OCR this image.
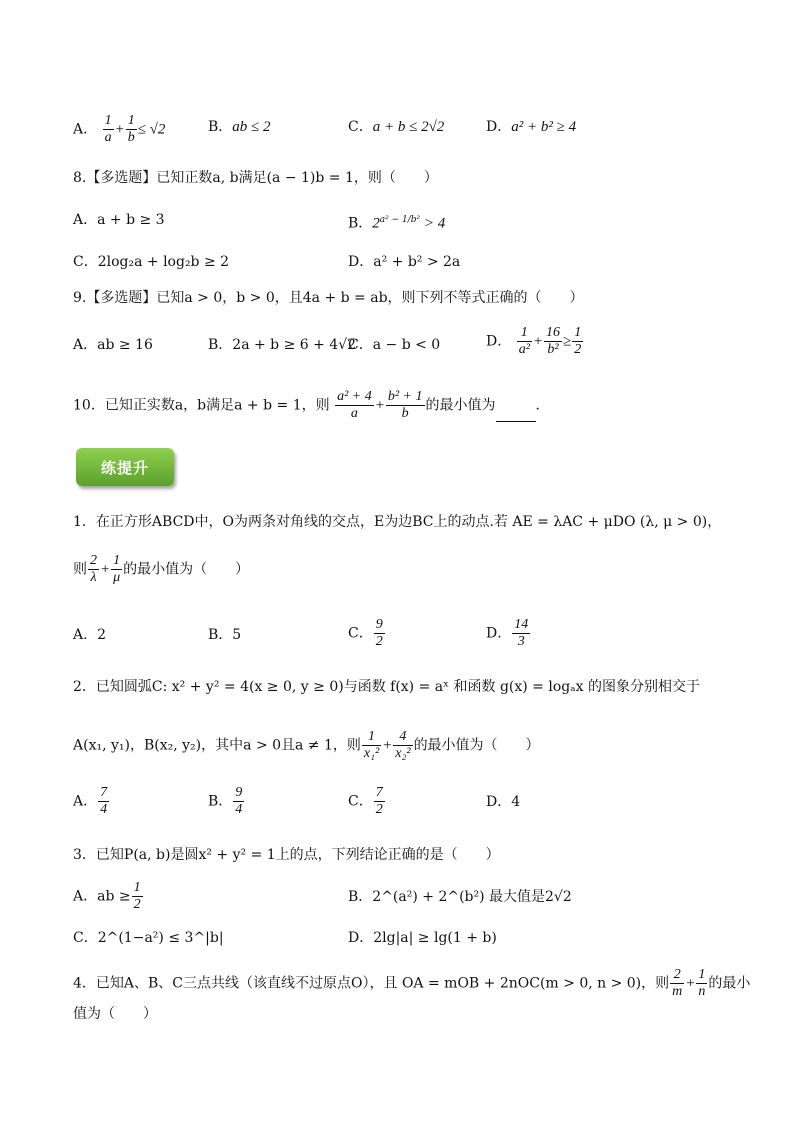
A． $\frac{1}{a} + \frac{1}{b} \le √2$	B．ab ≤ 2	C．a + b ≤ 2√2	D．a² + b² ≥ 4
8.【多选题】已知正数a, b满足(a − 1)b = 1，则（　　）
A．a + b ≥ 3	B．$2^{a^2 - 1/b^2} > 4$
C．2log₂a + log₂b ≥ 2	D．a² + b² > 2a
9.【多选题】已知a > 0，b > 0，且4a + b = ab，则下列不等式正确的（　　）
A．ab ≥ 16	B．2a + b ≥ 6 + 4√2
C．a − b < 0	D． $\frac{1}{\text{a²}} + \frac{16}{\text{b²}} \ge \frac{1}{2}$
10．已知正实数a，b满足a + b = 1，则 $\frac{\text{a² + 4}}{a} + \frac{\text{b² + 1}}{b}$ 的最小值为	．
练提升
1．在正方形ABCD中，O为两条对角线的交点，E为边BC上的动点.若 AE = λAC + μDO (λ, μ > 0)，
则 $\frac{2}{\lambda} + \frac{1}{\mu}$ 的最小值为（　　）
A．2	B．5	C． $\frac{9}{2}$	D． $\frac{14}{3}$
2．已知圆弧C: x² + y² = 4(x ≥ 0, y ≥ 0)与函数 f(x) = aˣ 和函数 g(x) = logₐx 的图象分别相交于
A(x₁, y₁)，B(x₂, y₂)，其中a > 0且a ≠ 1，则 $\frac{1}{\text{x₁²}} + \frac{4}{\text{x₂²}}$ 的最小值为（　　）
A． $\frac{7}{4}$	B． $\frac{9}{4}$	C． $\frac{7}{2}$	D．4
3．已知P(a, b)是圆x² + y² = 1上的点，下列结论正确的是（　　）
A．ab ≥ $\frac{1}{2}$	B．2^(a²) + 2^(b²) 最大值是2√2
C．2^(1−a²) ≤ 3^|b|	D．2lg|a| ≥ lg(1 + b)
4．已知A、B、C三点共线（该直线不过原点O），且 OA = mOB + 2nOC(m > 0, n > 0)，则 $\frac{2}{m} + \frac{1}{n}$ 的最小
值为（　　）
